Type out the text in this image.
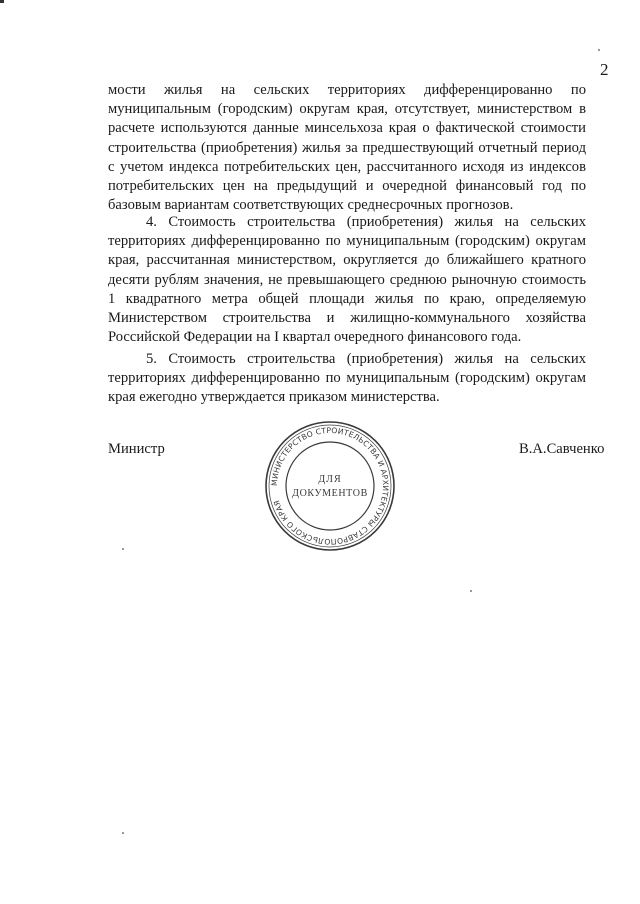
2

мости жилья на сельских территориях дифференцированно по муниципальным (городским) округам края, отсутствует, министерством в расчете используются данные минсельхоза края о фактической стоимости строительства (приобретения) жилья за предшествующий отчетный период с учетом индекса потребительских цен, рассчитанного исходя из индексов потребительских цен на предыдущий и очередной финансовый год по базовым вариантам соответствующих среднесрочных прогнозов.

4. Стоимость строительства (приобретения) жилья на сельских территориях дифференцированно по муниципальным (городским) округам края, рассчитанная министерством, округляется до ближайшего кратного десяти рублям значения, не превышающего среднюю рыночную стоимость 1 квадратного метра общей площади жилья по краю, определяемую Министерством строительства и жилищно-коммунального хозяйства Российской Федерации на I квартал очередного финансового года.

5. Стоимость строительства (приобретения) жилья на сельских территориях дифференцированно по муниципальным (городским) округам края ежегодно утверждается приказом министерства.

Министр	В.А.Савченко
МИНИСТЕРСТВО СТРОИТЕЛЬСТВА И АРХИТЕКТУРЫ СТАВРОПОЛЬСКОГО КРАЯ
ДЛЯ
ДОКУМЕНТОВ
